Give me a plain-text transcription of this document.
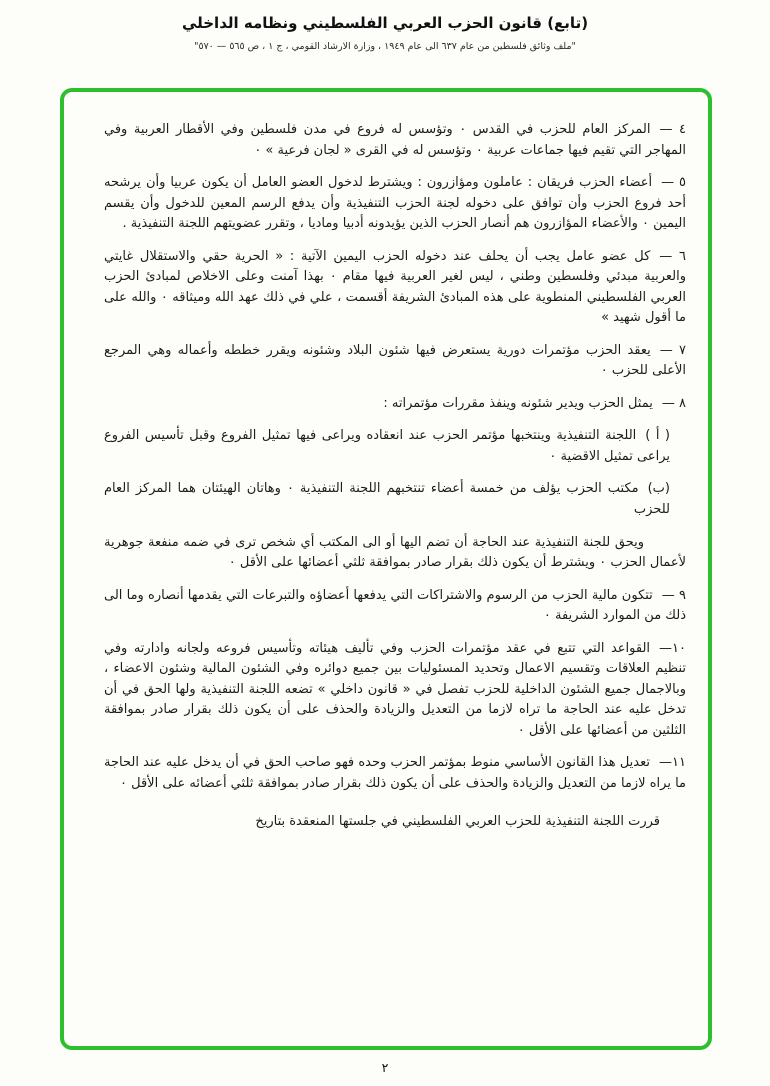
(تابع) قانون الحزب العربي الفلسطيني ونظامه الداخلي
"ملف وثائق فلسطين من عام ٦٣٧ الى عام ١٩٤٩ ، وزارة الارشاد القومي ، ج ١ ، ص ٥٦٥ — ٥٧٠"

٤ —المركز العام للحزب في القدس ٠ وتؤسس له فروع في مدن فلسطين وفي الأقطار العربية وفي المهاجر التي تقيم فيها جماعات عربية ٠ وتؤسس له في القرى « لجان فرعية » ٠

٥ —أعضاء الحزب فريقان : عاملون ومؤازرون : ويشترط لدخول العضو العامل أن يكون عربيا وأن يرشحه أحد فروع الحزب وأن توافق على دخوله لجنة الحزب التنفيذية وأن يدفع الرسم المعين للدخول وأن يقسم اليمين ٠ والأعضاء المؤازرون هم أنصار الحزب الذين يؤيدونه أدبيا وماديا ، وتقرر عضويتهم اللجنة التنفيذية .

٦ —كل عضو عامل يجب أن يحلف عند دخوله الحزب اليمين الآتية : « الحرية حقي والاستقلال غايتي والعربية مبدئي وفلسطين وطني ، ليس لغير العربية فيها مقام ٠ بهذا آمنت وعلى الاخلاص لمبادئ الحزب العربي الفلسطيني المنطوية على هذه المبادئ الشريفة أقسمت ، علي في ذلك عهد الله وميثاقه ٠ والله على ما أقول شهيد »

٧ —يعقد الحزب مؤتمرات دورية يستعرض فيها شئون البلاد وشئونه ويقرر خططه وأعماله وهي المرجع الأعلى للحزب ٠

٨ —يمثل الحزب ويدير شئونه وينفذ مقررات مؤتمراته :

( أ )اللجنة التنفيذية وينتخبها مؤتمر الحزب عند انعقاده ويراعى فيها تمثيل الفروع وقبل تأسيس الفروع يراعى تمثيل الاقضية ٠

(ب)مكتب الحزب يؤلف من خمسة أعضاء تنتخبهم اللجنة التنفيذية ٠ وهاتان الهيئتان هما المركز العام للحزب

ويحق للجنة التنفيذية عند الحاجة أن تضم اليها أو الى المكتب أي شخص ترى في ضمه منفعة جوهرية لأعمال الحزب ٠ ويشترط أن يكون ذلك بقرار صادر بموافقة ثلثي أعضائها على الأقل ٠

٩ —تتكون مالية الحزب من الرسوم والاشتراكات التي يدفعها أعضاؤه والتبرعات التي يقدمها أنصاره وما الى ذلك من الموارد الشريفة ٠

١٠—القواعد التي تتبع في عقد مؤتمرات الحزب وفي تأليف هيئاته وتأسيس فروعه ولجانه وادارته وفي تنظيم العلاقات وتقسيم الاعمال وتحديد المسئوليات بين جميع دوائره وفي الشئون المالية وشئون الاعضاء ، وبالاجمال جميع الشئون الداخلية للحزب تفصل في « قانون داخلي » تضعه اللجنة التنفيذية ولها الحق في أن تدخل عليه عند الحاجة ما تراه لازما من التعديل والزيادة والحذف على أن يكون ذلك بقرار صادر بموافقة الثلثين من أعضائها على الأقل ٠

١١—تعديل هذا القانون الأساسي منوط بمؤتمر الحزب وحده فهو صاحب الحق في أن يدخل عليه عند الحاجة ما يراه لازما من التعديل والزيادة والحذف على أن يكون ذلك بقرار صادر بموافقة ثلثي أعضائه على الأقل ٠

قررت اللجنة التنفيذية للحزب العربي الفلسطيني في جلستها المنعقدة بتاريخ

٢
